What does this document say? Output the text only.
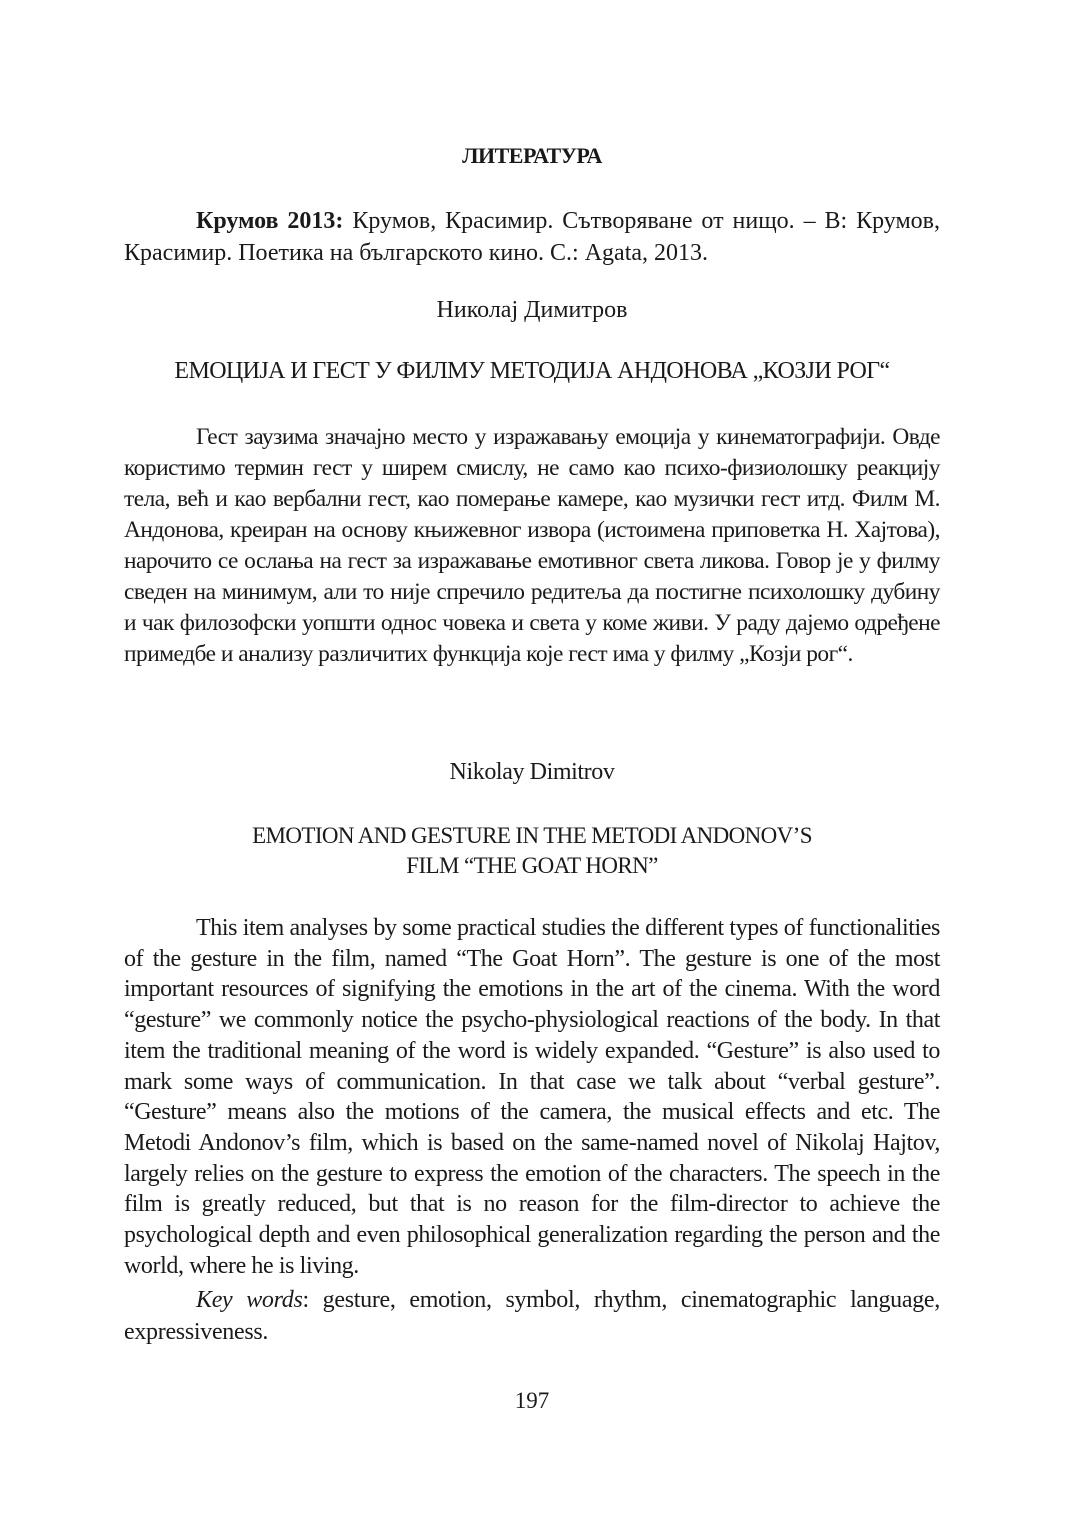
ЛИТЕРАТУРА

Крумов 2013: Крумов, Красимир. Сътворяване от нищо. – В: Крумов, Красимир. Поетика на българското кино. С.: Agata, 2013.

Николај Димитров
ЕМОЦИЈА И ГЕСТ У ФИЛМУ МЕТОДИЈА АНДОНОВА „КОЗЈИ РОГ“

Гест заузима значајно место у изражавању емоција у кинематографији. Овде користимо термин гест у ширем смислу, не само као психо-физиолошку реакцију тела, већ и као вербални гест, као померање камере, као музички гест итд. Филм М. Андонова, креиран на основу књижевног извора (истоимена приповетка Н. Хајтова), нарочито се ослања на гест за изражавање емотивног света ликова. Говор је у филму сведен на минимум, али то није спречило редитеља да постигне психолошку дубину и чак филозофски уопшти однос човека и света у коме живи. У раду дајемо одређене примедбе и анализу различитих функција које гест има у филму „Козји рог“.

Nikolay Dimitrov
EMOTION AND GESTURE IN THE METODI ANDONOV’S
FILM “THE GOAT HORN”

This item analyses by some practical studies the different types of functionalities of the gesture in the film, named “The Goat Horn”. The gesture is one of the most important resources of signifying the emotions in the art of the cinema. With the word “gesture” we commonly notice the psycho-physiological reactions of the body. In that item the traditional meaning of the word is widely expanded. “Gesture” is also used to mark some ways of communication. In that case we talk about “verbal gesture”. “Gesture” means also the motions of the camera, the musical effects and etc. The Metodi Andonov’s film, which is based on the same-named novel of Nikolaj Hajtov, largely relies on the gesture to express the emotion of the characters. The speech in the film is greatly reduced, but that is no reason for the film-director to achieve the psychological depth and even philosophical generalization regarding the person and the world, where he is living.

Key words: gesture, emotion, symbol, rhythm, cinematographic language, expressiveness.

197
